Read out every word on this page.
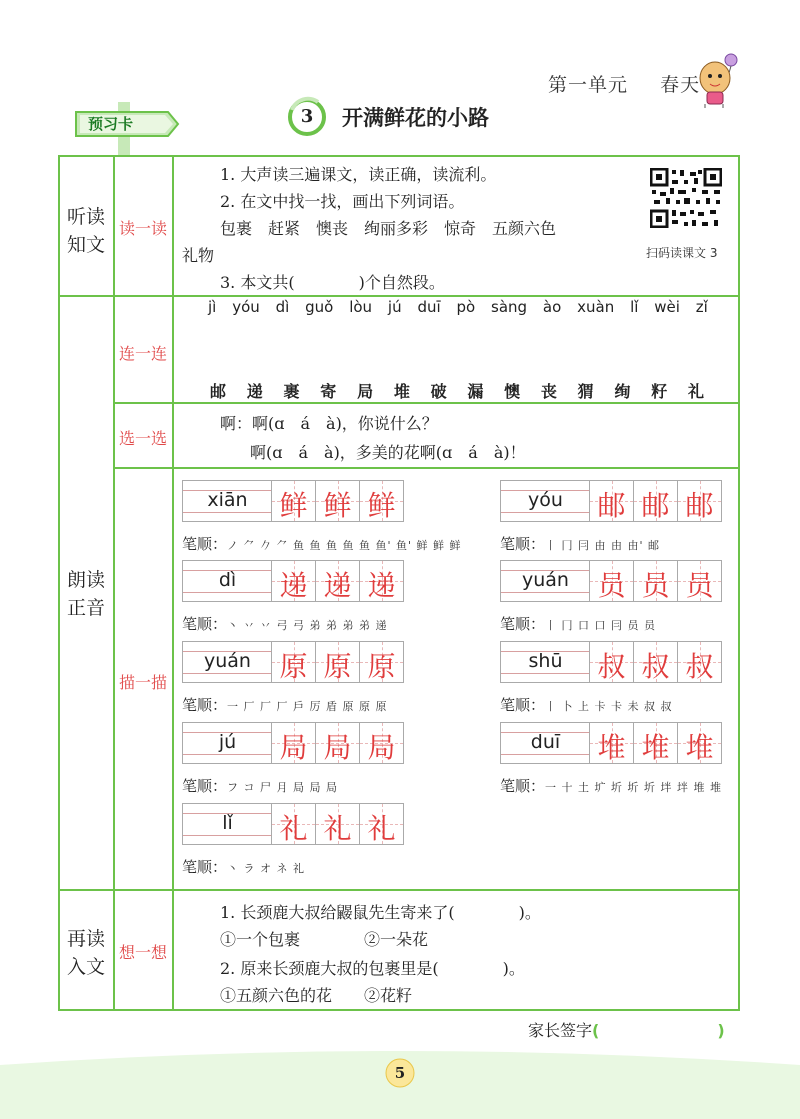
第一单元 春天
预习卡	3	开满鲜花的小路
听读
知文
读一读
1. 大声读三遍课文，读正确，读流利。
2. 在文中找一找，画出下列词语。
包裹　赶紧　懊丧　绚丽多彩　惊奇　五颜六色
礼物
3. 本文共(　　　　)个自然段。
扫码读课文 3
朗读
正音
连一连
jì yóu dì guǒ lòu jú duī pò sàng ào xuàn lǐ wèi zǐ
邮 递 裹 寄 局 堆 破 漏 懊 丧 猬 绚 籽 礼
选一选
啊：啊(ɑ　á　à)，你说什么？
啊(ɑ　á　à)，多美的花啊(ɑ　á　à)！
描一描
xiān	鲜 鲜 鲜
笔顺：ノ ⺈ 𠂊 ⺈ 鱼 鱼 鱼 鱼 鱼 鱼' 鱼' 鲜 鲜 鲜
yóu	邮 邮 邮
笔顺：丨 冂 冃 由 由 由' 邮
dì	递 递 递
笔顺：丶 丷 丷 弓 弓 弟 弟 弟 弟 递
yuán	员 员 员
笔顺：丨 冂 口 口 冃 员 员
yuán	原 原 原
笔顺：一 厂 厂 厂 戶 厉 盾 原 原 原
shū	叔 叔 叔
笔顺：丨 卜 上 卡 卡 未 叔 叔
jú	局 局 局
笔顺：フ コ 尸 月 局 局 局
duī	堆 堆 堆
笔顺：一 十 土 圹 圻 圻 圻 坢 坢 堆 堆
lǐ	礼 礼 礼
笔顺：丶 ラ オ ネ 礼
再读
入文
想一想
1. 长颈鹿大叔给鼹鼠先生寄来了(　　　　)。
①一个包裹　　　　②一朵花
2. 原来长颈鹿大叔的包裹里是(　　　　)。
①五颜六色的花　　②花籽
家长签字(	)
5
